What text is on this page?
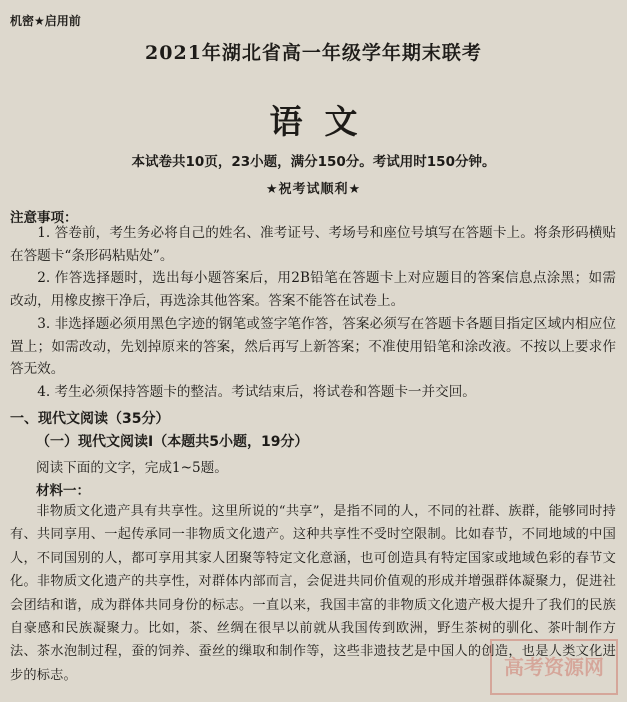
机密★启用前
2021年湖北省高一年级学年期末联考
语文
本试卷共10页，23小题，满分150分。考试用时150分钟。
★祝考试顺利★
注意事项：

1. 答卷前，考生务必将自己的姓名、准考证号、考场号和座位号填写在答题卡上。将条形码横贴在答题卡“条形码粘贴处”。

2. 作答选择题时，选出每小题答案后，用2B铅笔在答题卡上对应题目的答案信息点涂黑；如需改动，用橡皮擦干净后，再选涂其他答案。答案不能答在试卷上。

3. 非选择题必须用黑色字迹的钢笔或签字笔作答，答案必须写在答题卡各题目指定区域内相应位置上；如需改动，先划掉原来的答案，然后再写上新答案；不准使用铅笔和涂改液。不按以上要求作答无效。

4. 考生必须保持答题卡的整洁。考试结束后，将试卷和答题卡一并交回。

一、现代文阅读（35分）
（一）现代文阅读Ⅰ（本题共5小题，19分）
阅读下面的文字，完成1~5题。
材料一：

非物质文化遗产具有共享性。这里所说的“共享”，是指不同的人，不同的社群、族群，能够同时持有、共同享用、一起传承同一非物质文化遗产。这种共享性不受时空限制。比如春节，不同地域的中国人，不同国别的人，都可享用其家人团聚等特定文化意涵，也可创造具有特定国家或地域色彩的春节文化。非物质文化遗产的共享性，对群体内部而言，会促进共同价值观的形成并增强群体凝聚力，促进社会团结和谐，成为群体共同身份的标志。一直以来，我国丰富的非物质文化遗产极大提升了我们的民族自豪感和民族凝聚力。比如，茶、丝绸在很早以前就从我国传到欧洲，野生茶树的驯化、茶叶制作方法、茶水泡制过程，蚕的饲养、蚕丝的缫取和制作等，这些非遗技艺是中国人的创造，也是人类文化进步的标志。	高考资源网
